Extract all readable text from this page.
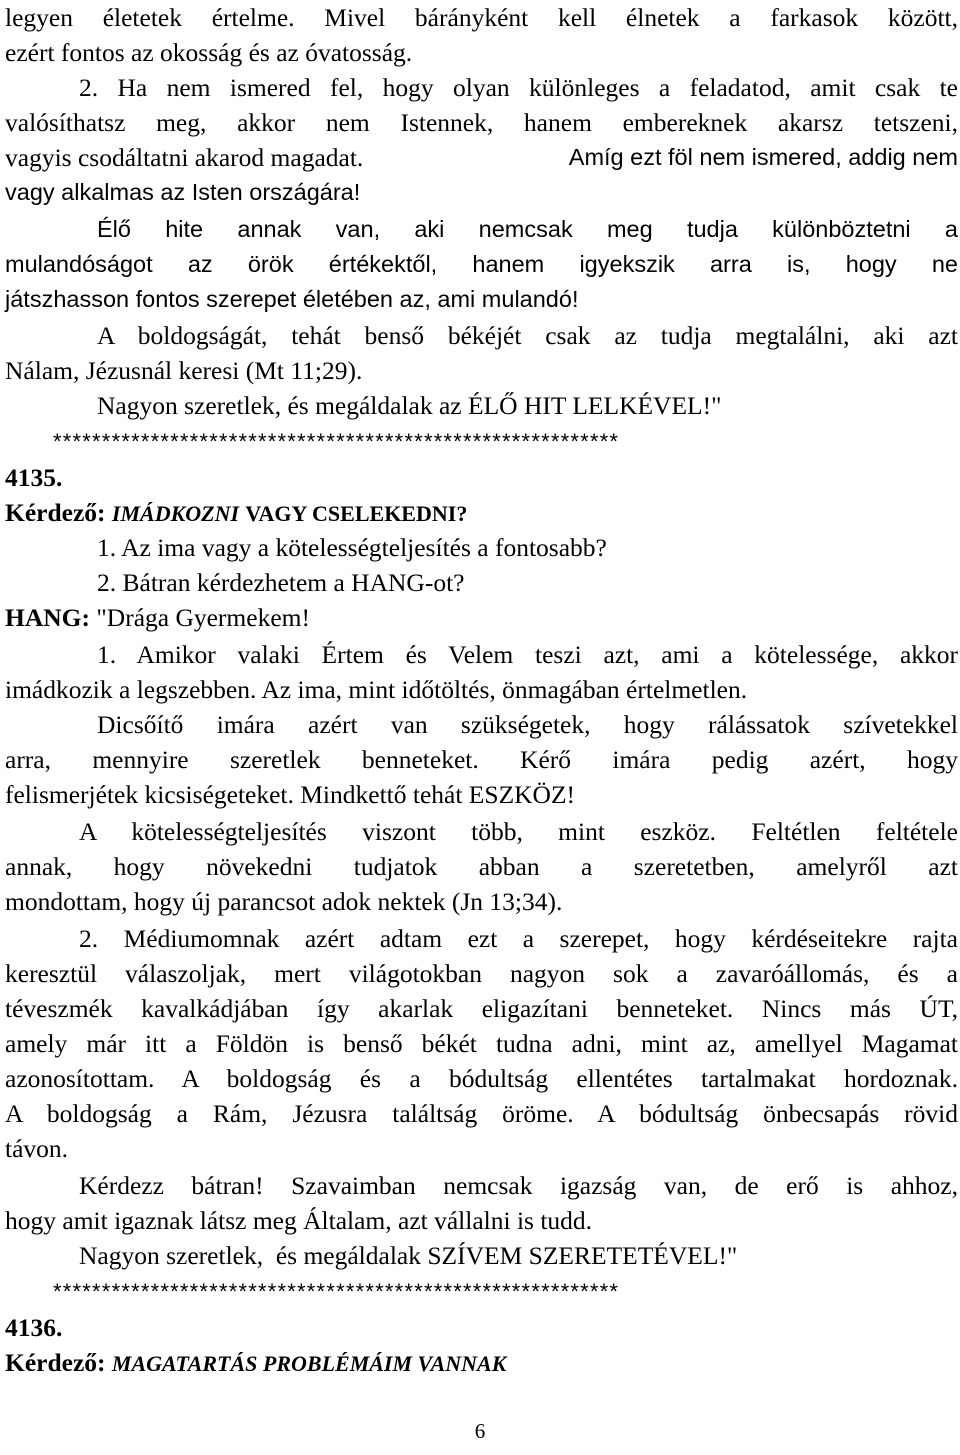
legyen életetek értelme. Mivel bárányként kell élnetek a farkasok között,
ezért fontos az okosság és az óvatosság.
2. Ha nem ismered fel, hogy olyan különleges a feladatod, amit csak te
valósíthatsz meg, akkor nem Istennek, hanem embereknek akarsz tetszeni,
vagyis csodáltatni akarod magadat.	Amíg ezt föl nem ismered, addig nem
vagy alkalmas az Isten országára!
Élő hite annak van, aki nemcsak meg tudja különböztetni a
mulandóságot az örök értékektől, hanem igyekszik arra is, hogy ne
játszhasson fontos szerepet életében az, ami mulandó!
A boldogságát, tehát benső békéjét csak az tudja megtalálni, aki azt
Nálam, Jézusnál keresi (Mt 11;29).
Nagyon szeretlek, és megáldalak az ÉLŐ HIT LELKÉVEL!"
**********************************************************
4135.
Kérdező: IMÁDKOZNI VAGY CSELEKEDNI?
1. Az ima vagy a kötelességteljesítés a fontosabb?
2. Bátran kérdezhetem a HANG-ot?
HANG: "Drága Gyermekem!
1. Amikor valaki Értem és Velem teszi azt, ami a kötelessége, akkor
imádkozik a legszebben. Az ima, mint időtöltés, önmagában értelmetlen.
Dicsőítő imára azért van szükségetek, hogy rálássatok szívetekkel
arra, mennyire szeretlek benneteket. Kérő imára pedig azért, hogy
felismerjétek kicsiségeteket. Mindkettő tehát ESZKÖZ!
A kötelességteljesítés viszont több, mint eszköz. Feltétlen feltétele
annak, hogy növekedni tudjatok abban a szeretetben, amelyről azt
mondottam, hogy új parancsot adok nektek (Jn 13;34).
2. Médiumomnak azért adtam ezt a szerepet, hogy kérdéseitekre rajta
keresztül válaszoljak, mert világotokban nagyon sok a zavaróállomás, és a
téveszmék kavalkádjában így akarlak eligazítani benneteket. Nincs más ÚT,
amely már itt a Földön is benső békét tudna adni, mint az, amellyel Magamat
azonosítottam. A boldogság és a bódultság ellentétes tartalmakat hordoznak.
A boldogság a Rám, Jézusra találtság öröme. A bódultság önbecsapás rövid
távon.
Kérdezz bátran! Szavaimban nemcsak igazság van, de erő is ahhoz,
hogy amit igaznak látsz meg Általam, azt vállalni is tudd.
Nagyon szeretlek,  és megáldalak SZÍVEM SZERETETÉVEL!"
**********************************************************
4136.
Kérdező: MAGATARTÁS PROBLÉMÁIM VANNAK
6
